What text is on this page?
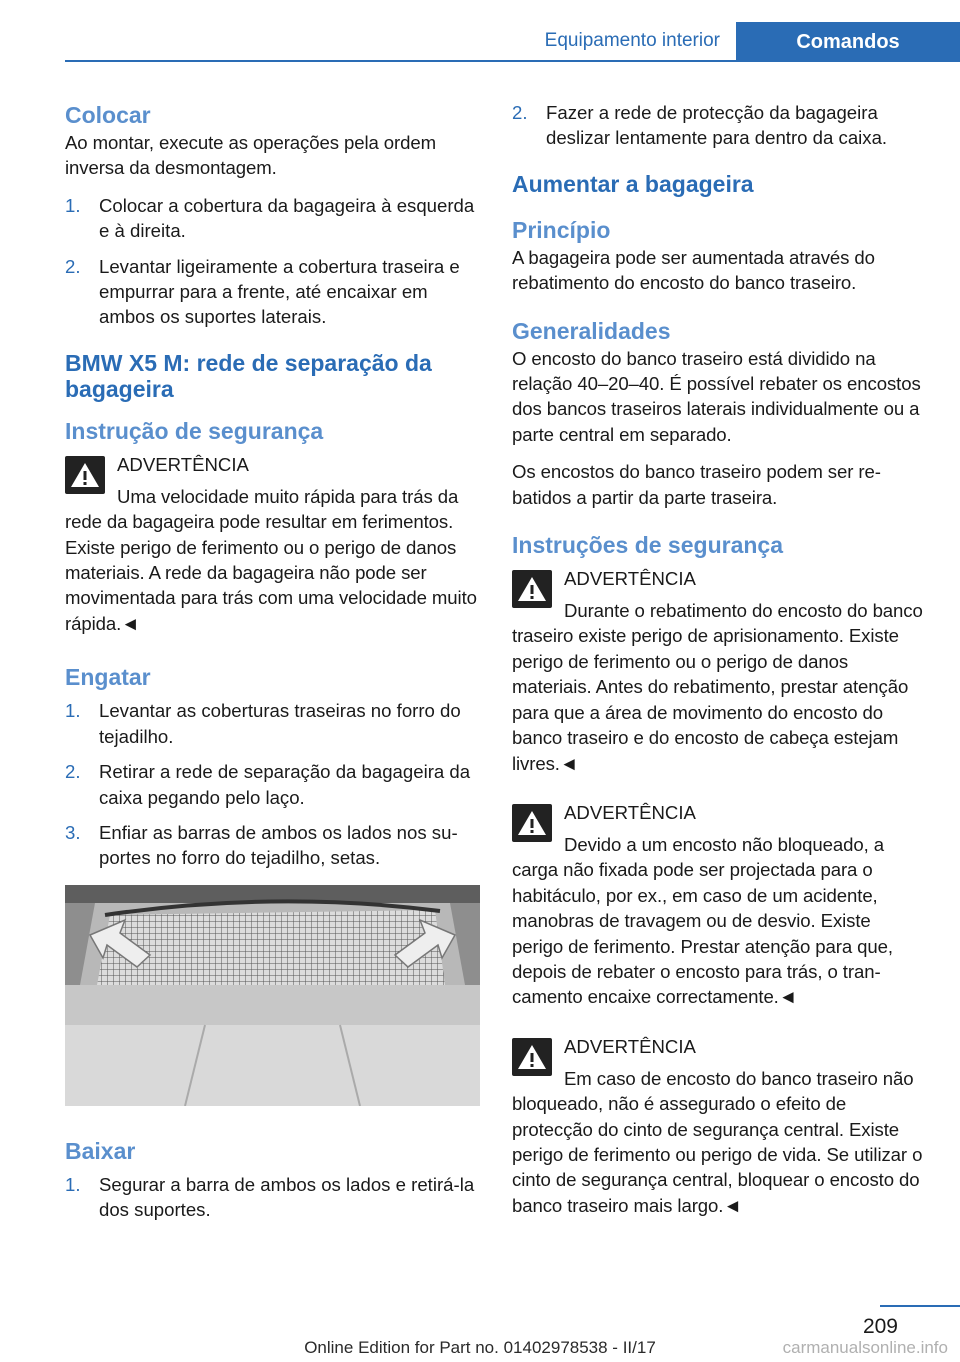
Equipamento interior	Comandos
Colocar

Ao montar, execute as operações pela ordem inversa da desmontagem.

1. Colocar a cobertura da bagageira à esquerda e à direita.
2. Levantar ligeiramente a cobertura traseira e empurrar para a frente, até encaixar em ambos os suportes laterais.
BMW X5 M: rede de separação da bagageira
Instrução de segurança
ADVERTÊNCIA

Uma velocidade muito rápida para trás da rede da bagageira pode resultar em ferimentos. Existe perigo de ferimento ou o perigo de danos materiais. A rede da bagageira não pode ser movimentada para trás com uma velocidade muito rápida.◄

Engatar
1. Levantar as coberturas traseiras no forro do tejadilho.
2. Retirar a rede de separação da bagageira da caixa pegando pelo laço.
3. Enfiar as barras de ambos os lados nos suportes no forro do tejadilho, setas.
Baixar
1. Segurar a barra de ambos os lados e retirá-la dos suportes.
2. Fazer a rede de protecção da bagageira deslizar lentamente para dentro da caixa.
Aumentar a bagageira
Princípio

A bagageira pode ser aumentada através do rebatimento do encosto do banco traseiro.

Generalidades

O encosto do banco traseiro está dividido na relação 40–20–40. É possível rebater os encostos dos bancos traseiros laterais individualmente ou a parte central em separado.

Os encostos do banco traseiro podem ser rebatidos a partir da parte traseira.

Instruções de segurança
ADVERTÊNCIA

Durante o rebatimento do encosto do banco traseiro existe perigo de aprisionamento. Existe perigo de ferimento ou o perigo de danos materiais. Antes do rebatimento, prestar atenção para que a área de movimento do encosto do banco traseiro e do encosto de cabeça estejam livres.◄

ADVERTÊNCIA

Devido a um encosto não bloqueado, a carga não fixada pode ser projectada para o habitáculo, por ex., em caso de um acidente, manobras de travagem ou de desvio. Existe perigo de ferimento. Prestar atenção para que, depois de rebater o encosto para trás, o trancamento encaixe correctamente.◄

ADVERTÊNCIA

Em caso de encosto do banco traseiro não bloqueado, não é assegurado o efeito de protecção do cinto de segurança central. Existe perigo de ferimento ou perigo de vida. Se utilizar o cinto de segurança central, bloquear o encosto do banco traseiro mais largo.◄

209
Online Edition for Part no. 01402978538 - II/17	carmanualsonline.info
